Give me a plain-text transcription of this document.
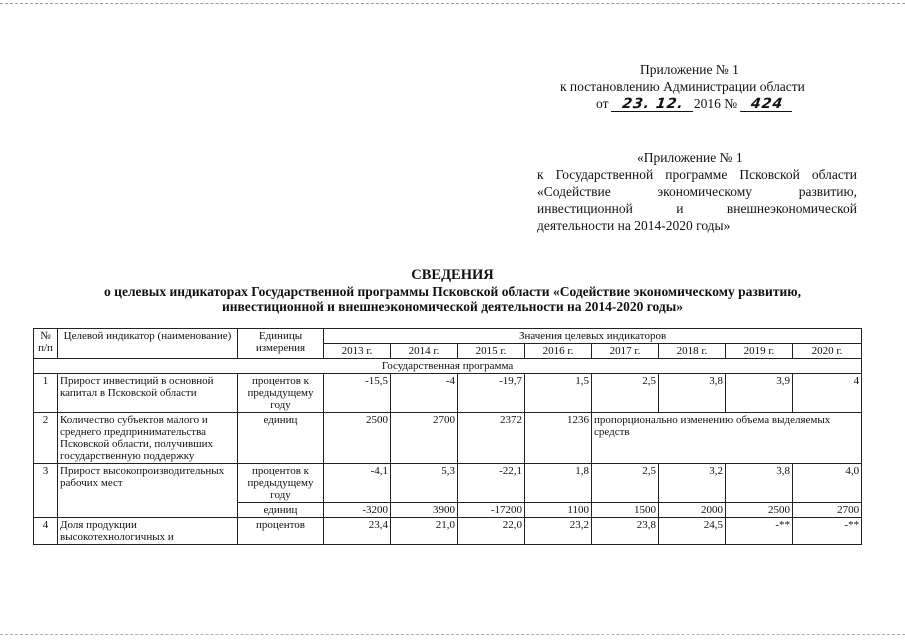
Приложение № 1
к постановлению Администрации области
от 23. 12. 2016 № 424
«Приложение № 1
к Государственной программе Псковской области «Содействие экономическому развитию, инвестиционной и внешнеэкономической деятельности на 2014-2020 годы»
СВЕДЕНИЯ
о целевых индикаторах Государственной программы Псковской области «Содействие экономическому развитию,
инвестиционной и внешнеэкономической деятельности на 2014-2020 годы»
№ п/п	Целевой индикатор (наименование)	Единицы измерения	Значения целевых индикаторов							
			2013 г.	2014 г.	2015 г.	2016 г.	2017 г.	2018 г.	2019 г.	2020 г.
Государственная программа										
1	Прирост инвестиций в основной капитал в Псковской области	процентов к предыдущему году	-15,5	-4	-19,7	1,5	2,5	3,8	3,9	4
2	Количество субъектов малого и среднего предпринимательства Псковской области, получивших государственную поддержку	единиц	2500	2700	2372	1236	пропорционально изменению объема выделяемых средств			
3	Прирост высокопроизводительных рабочих мест	процентов к предыдущему году	-4,1	5,3	-22,1	1,8	2,5	3,2	3,8	4,0
		единиц	-3200	3900	-17200	1100	1500	2000	2500	2700
4	Доля продукции высокотехнологичных и	процентов	23,4	21,0	22,0	23,2	23,8	24,5	-**	-**
